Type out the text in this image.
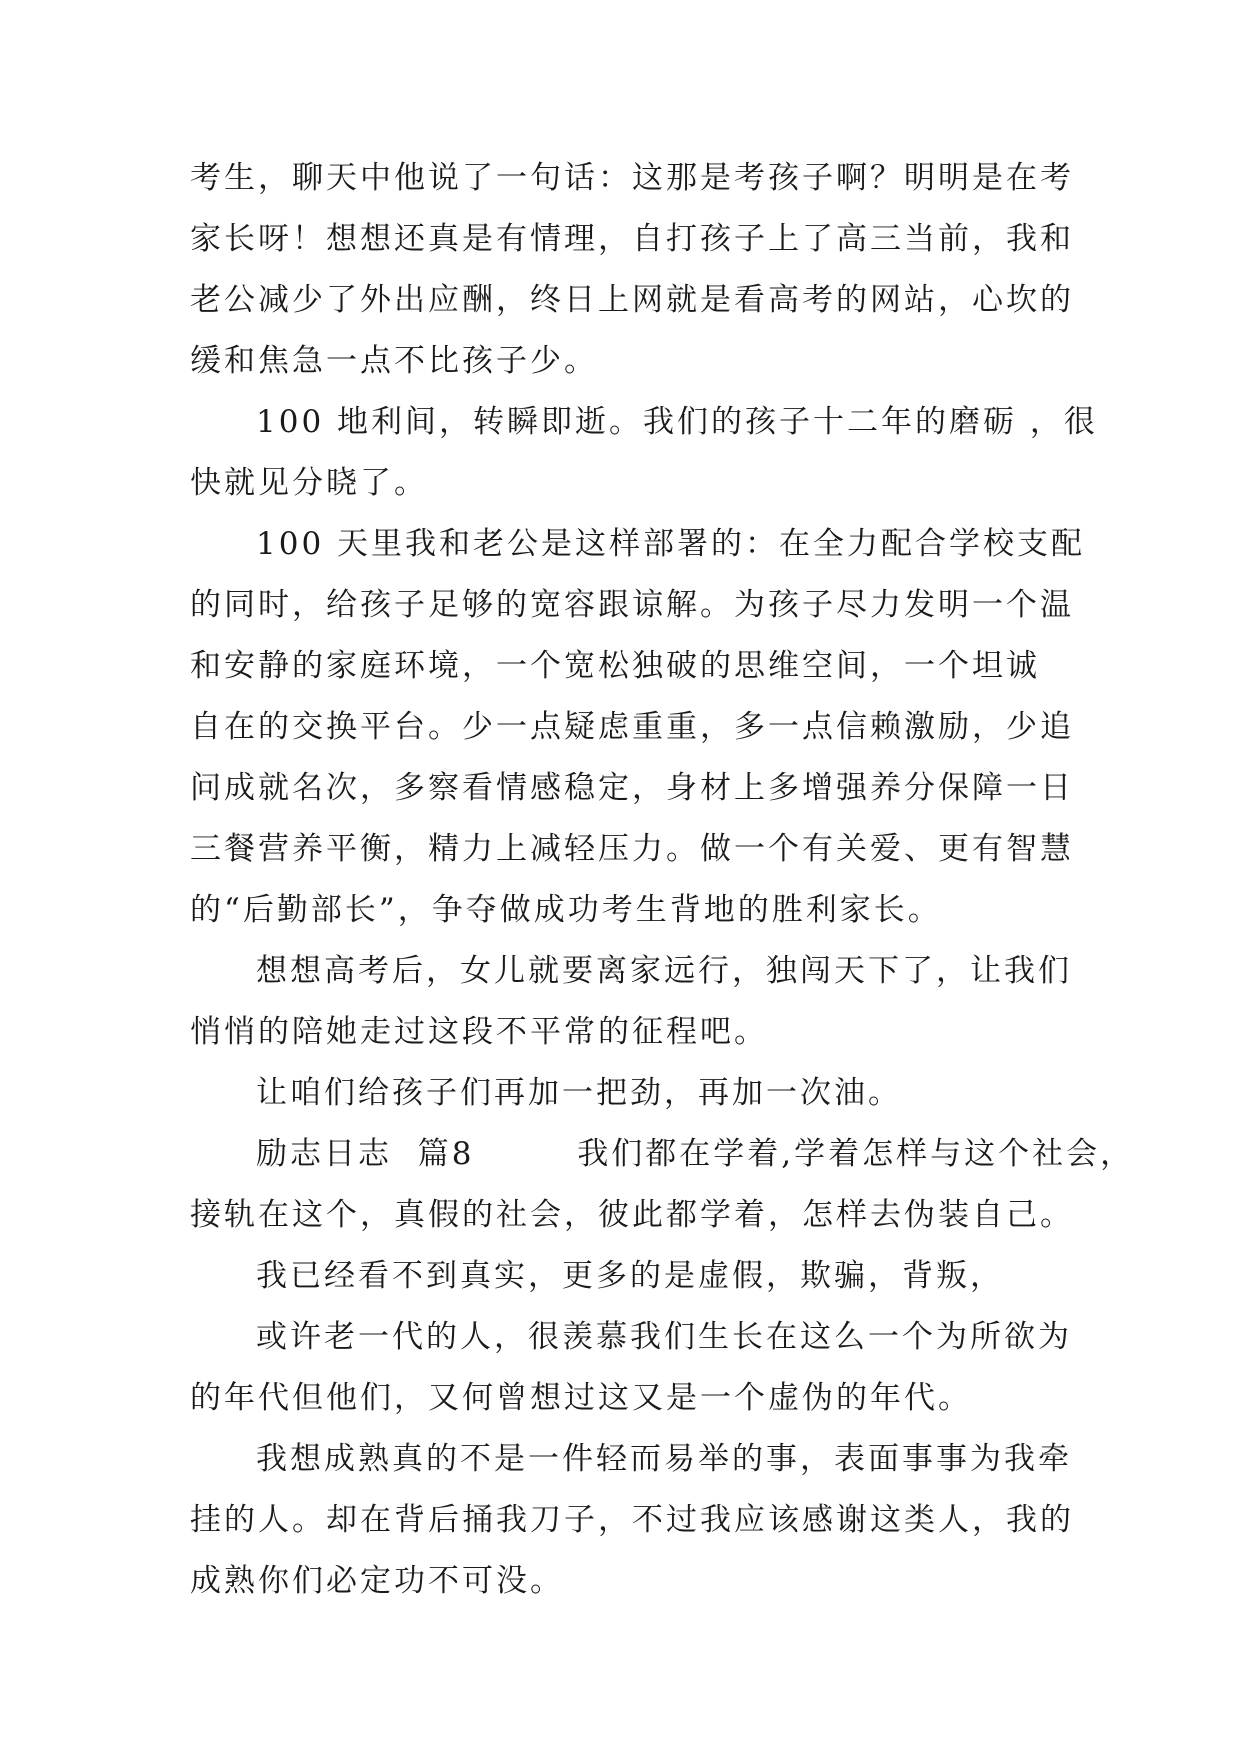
考生，聊天中他说了一句话：这那是考孩子啊？明明是在考
家长呀！想想还真是有情理，自打孩子上了高三当前，我和
老公减少了外出应酬，终日上网就是看高考的网站，心坎的
缓和焦急一点不比孩子少。
100 地利间，转瞬即逝。我们的孩子十二年的磨砺 ，很
快就见分晓了。
100 天里我和老公是这样部署的：在全力配合学校支配
的同时，给孩子足够的宽容跟谅解。为孩子尽力发明一个温
和安静的家庭环境，一个宽松独破的思维空间，一个坦诚
自在的交换平台。少一点疑虑重重，多一点信赖激励，少追
问成就名次，多察看情感稳定，身材上多增强养分保障一日
三餐营养平衡，精力上减轻压力。做一个有关爱、更有智慧
的“后勤部长”，争夺做成功考生背地的胜利家长。
想想高考后，女儿就要离家远行，独闯天下了，让我们
悄悄的陪她走过这段不平常的征程吧。
让咱们给孩子们再加一把劲，再加一次油。
励志日志  篇8        我们都在学着,学着怎样与这个社会，
接轨在这个，真假的社会，彼此都学着，怎样去伪装自己。
我已经看不到真实，更多的是虚假，欺骗，背叛，
或许老一代的人，很羡慕我们生长在这么一个为所欲为
的年代但他们，又何曾想过这又是一个虚伪的年代。
我想成熟真的不是一件轻而易举的事，表面事事为我牵
挂的人。却在背后捅我刀子，不过我应该感谢这类人，我的
成熟你们必定功不可没。
